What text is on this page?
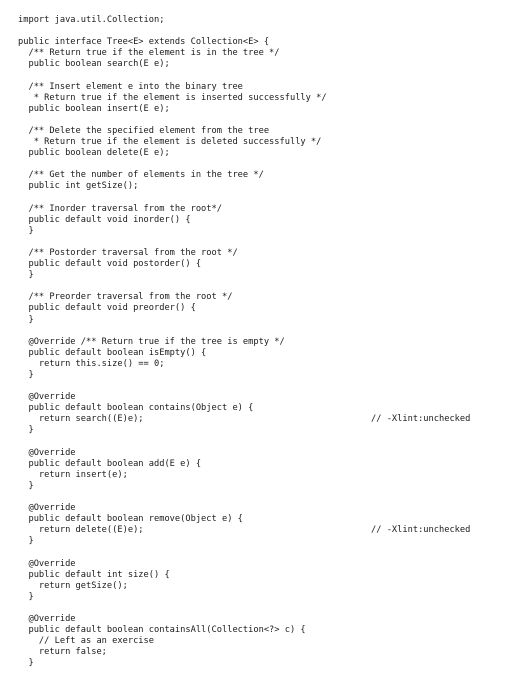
import java.util.Collection;
public interface Tree<E> extends Collection<E> {
/** Return true if the element is in the tree */
public boolean search(E e);
/** Insert element e into the binary tree
* Return true if the element is inserted successfully */
public boolean insert(E e);
/** Delete the specified element from the tree
* Return true if the element is deleted successfully */
public boolean delete(E e);
/** Get the number of elements in the tree */
public int getSize();
/** Inorder traversal from the root*/
public default void inorder() {
}
/** Postorder traversal from the root */
public default void postorder() {
}
/** Preorder traversal from the root */
public default void preorder() {
}
@Override /** Return true if the tree is empty */
public default boolean isEmpty() {
return this.size() == 0;
}
@Override
public default boolean contains(Object e) {
return search((E)e);	// -Xlint:unchecked
}
@Override
public default boolean add(E e) {
return insert(e);
}
@Override
public default boolean remove(Object e) {
return delete((E)e);	// -Xlint:unchecked
}
@Override
public default int size() {
return getSize();
}
@Override
public default boolean containsAll(Collection<?> c) {
// Left as an exercise
return false;
}
